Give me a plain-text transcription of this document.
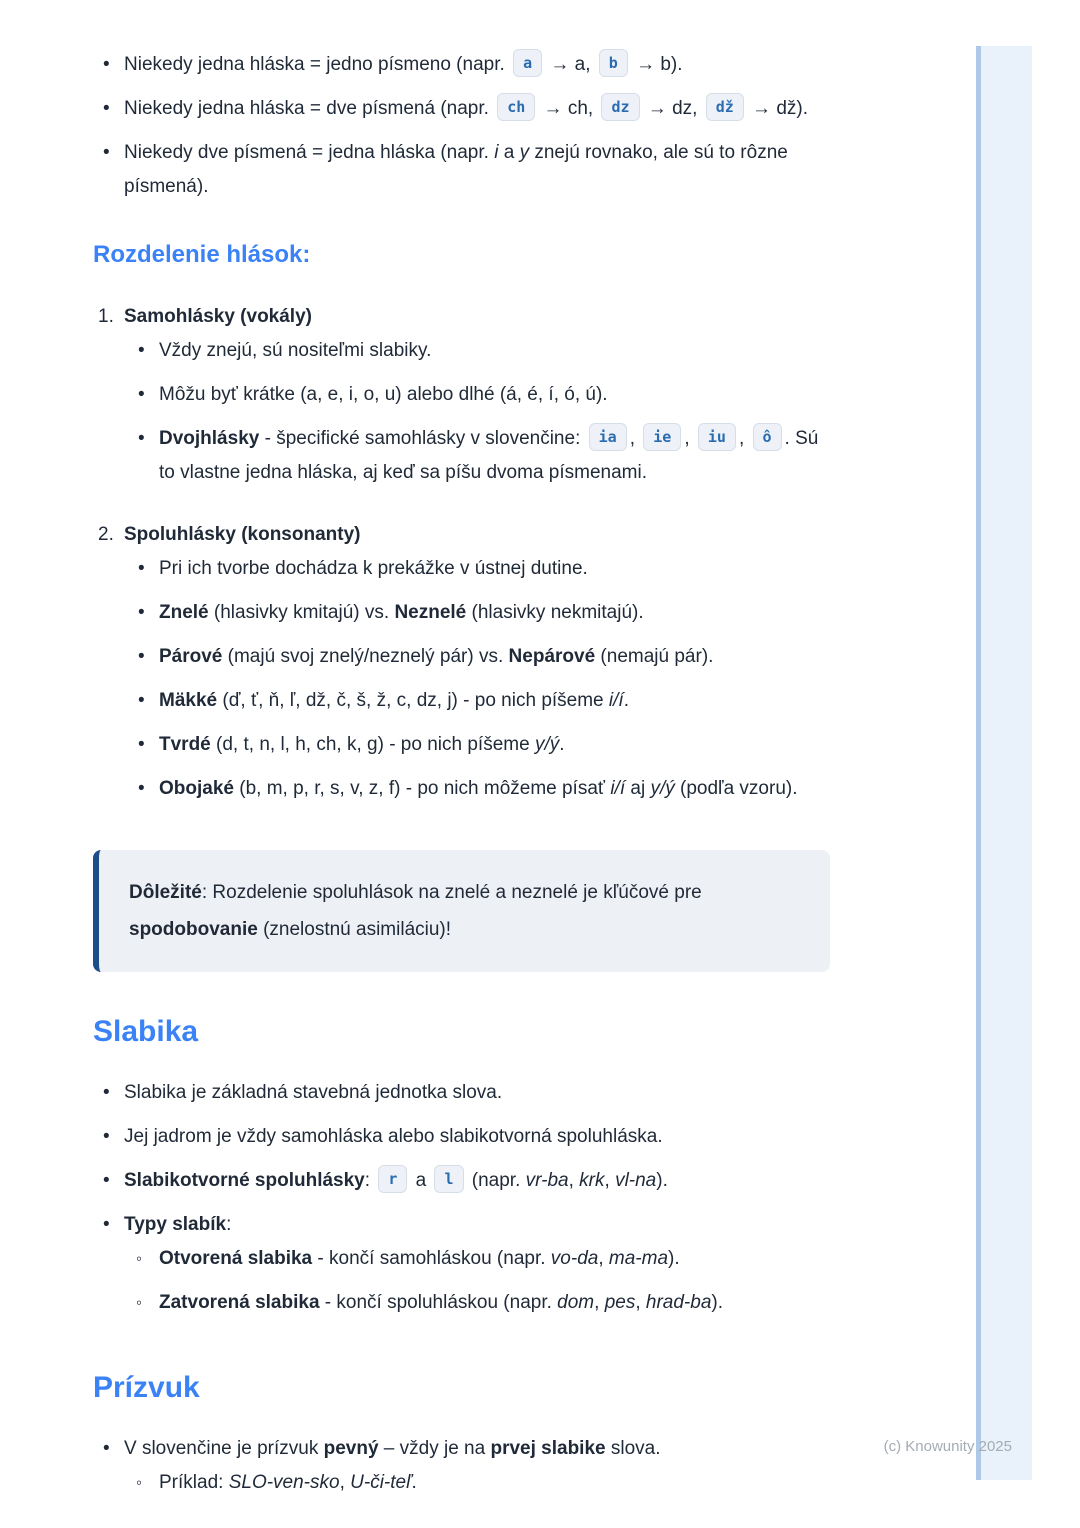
• Niekedy jedna hláska = jedno písmeno (napr. a → a, b → b).
• Niekedy jedna hláska = dve písmená (napr. ch → ch, dz → dz, dž → dž).
• Niekedy dve písmená = jedna hláska (napr. i a y znejú rovnako, ale sú to rôzne písmená).
Rozdelenie hlások:
1. Samohlásky (vokály)
• Vždy znejú, sú nositeľmi slabiky.
• Môžu byť krátke (a, e, i, o, u) alebo dlhé (á, é, í, ó, ú).
• Dvojhlásky - špecifické samohlásky v slovenčine: ia , ie , iu , ô . Sú to vlastne jedna hláska, aj keď sa píšu dvoma písmenami.
2. Spoluhlásky (konsonanty)
• Pri ich tvorbe dochádza k prekážke v ústnej dutine.
• Znelé (hlasivky kmitajú) vs. Neznelé (hlasivky nekmitajú).
• Párové (majú svoj znelý/neznelý pár) vs. Nepárové (nemajú pár).
• Mäkké (ď, ť, ň, ľ, dž, č, š, ž, c, dz, j) - po nich píšeme i/í.
• Tvrdé (d, t, n, l, h, ch, k, g) - po nich píšeme y/ý.
• Obojaké (b, m, p, r, s, v, z, f) - po nich môžeme písať i/í aj y/ý (podľa vzoru).
Dôležité: Rozdelenie spoluhlások na znelé a neznelé je kľúčové pre spodobovanie (znelostnú asimiláciu)!
Slabika
• Slabika je základná stavebná jednotka slova.
• Jej jadrom je vždy samohláska alebo slabikotvorná spoluhláska.
• Slabikotvorné spoluhlásky: r a l (napr. vr-ba, krk, vl-na).
• Typy slabík:
◦ Otvorená slabika - končí samohláskou (napr. vo-da, ma-ma).
◦ Zatvorená slabika - končí spoluhláskou (napr. dom, pes, hrad-ba).
Prízvuk
• V slovenčine je prízvuk pevný – vždy je na prvej slabike slova.
◦ Príklad: SLO-ven-sko, U-či-teľ.
(c) Knowunity 2025
